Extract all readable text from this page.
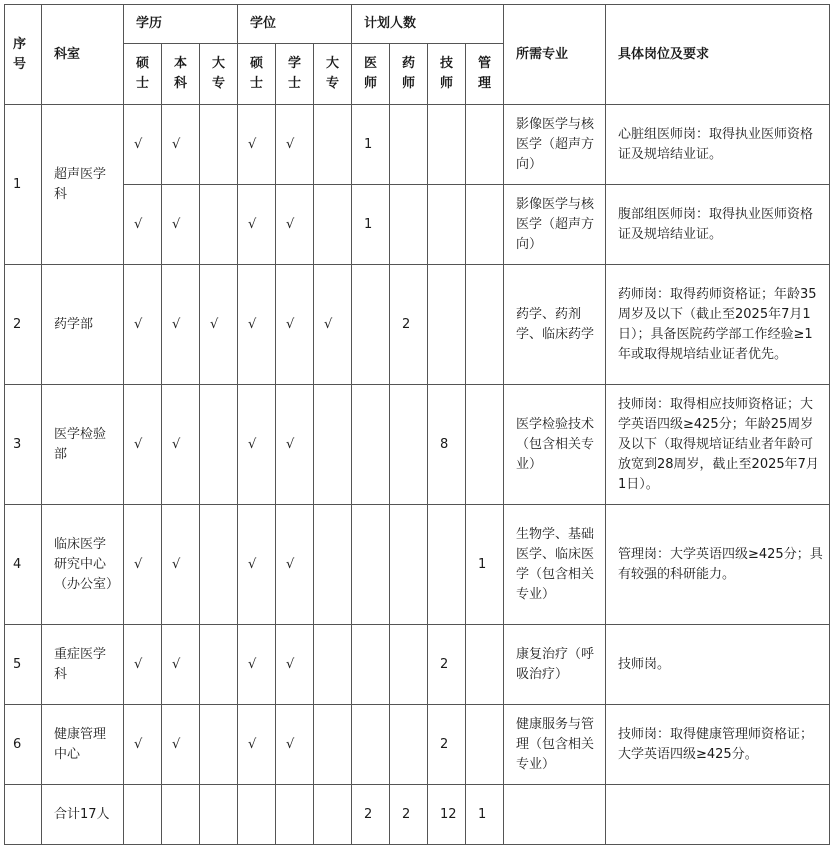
序号	科室	学历			学位			计划人数				所需专业	具体岗位及要求
		硕士	本科	大专	硕士	学士	大专	医师	药师	技师	管理		
1	超声医学科	√	√		√	√		1				影像医学与核医学（超声方向）	心脏组医师岗：取得执业医师资格证及规培结业证。
		√	√		√	√		1				影像医学与核医学（超声方向）	腹部组医师岗：取得执业医师资格证及规培结业证。
2	药学部	√	√	√	√	√	√		2			药学、药剂学、临床药学	药师岗：取得药师资格证；年龄35周岁及以下（截止至2025年7月1日）；具备医院药学部工作经验≥1年或取得规培结业证者优先。
3	医学检验部	√	√		√	√				8		医学检验技术（包含相关专业）	技师岗：取得相应技师资格证；大学英语四级≥425分；年龄25周岁及以下（取得规培证结业者年龄可放宽到28周岁，截止至2025年7月1日）。
4	临床医学研究中心（办公室）	√	√		√	√					1	生物学、基础医学、临床医学（包含相关专业）	管理岗：大学英语四级≥425分；具有较强的科研能力。
5	重症医学科	√	√		√	√				2		康复治疗（呼吸治疗）	技师岗。
6	健康管理中心	√	√		√	√				2		健康服务与管理（包含相关专业）	技师岗：取得健康管理师资格证；大学英语四级≥425分。
	合计17人							2	2	12	1		
